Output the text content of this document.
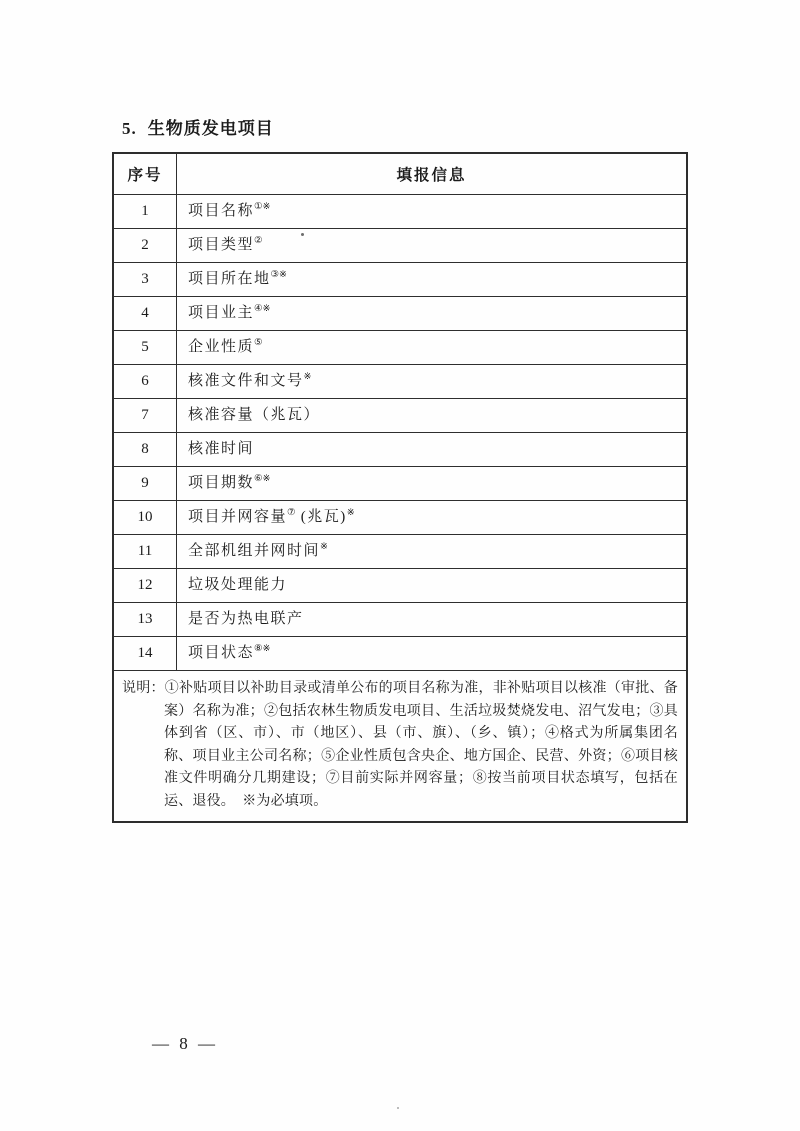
5. 生物质发电项目
序号	填报信息
1	项目名称①※
2	项目类型②
3	项目所在地③※
4	项目业主④※
5	企业性质⑤
6	核准文件和文号※
7	核准容量（兆瓦）
8	核准时间
9	项目期数⑥※
10	项目并网容量⑦ (兆瓦)※
11	全部机组并网时间※
12	垃圾处理能力
13	是否为热电联产
14	项目状态⑧※

说明：①补贴项目以补助目录或清单公布的项目名称为准，非补贴项目以核准（审批、备案）名称为准；②包括农林生物质发电项目、生活垃圾焚烧发电、沼气发电；③具体到省（区、市）、市（地区）、县（市、旗）、（乡、镇）；④格式为所属集团名称、项目业主公司名称；⑤企业性质包含央企、地方国企、民营、外资；⑥项目核准文件明确分几期建设；⑦目前实际并网容量；⑧按当前项目状态填写，包括在运、退役。　※为必填项。

— 8 —
